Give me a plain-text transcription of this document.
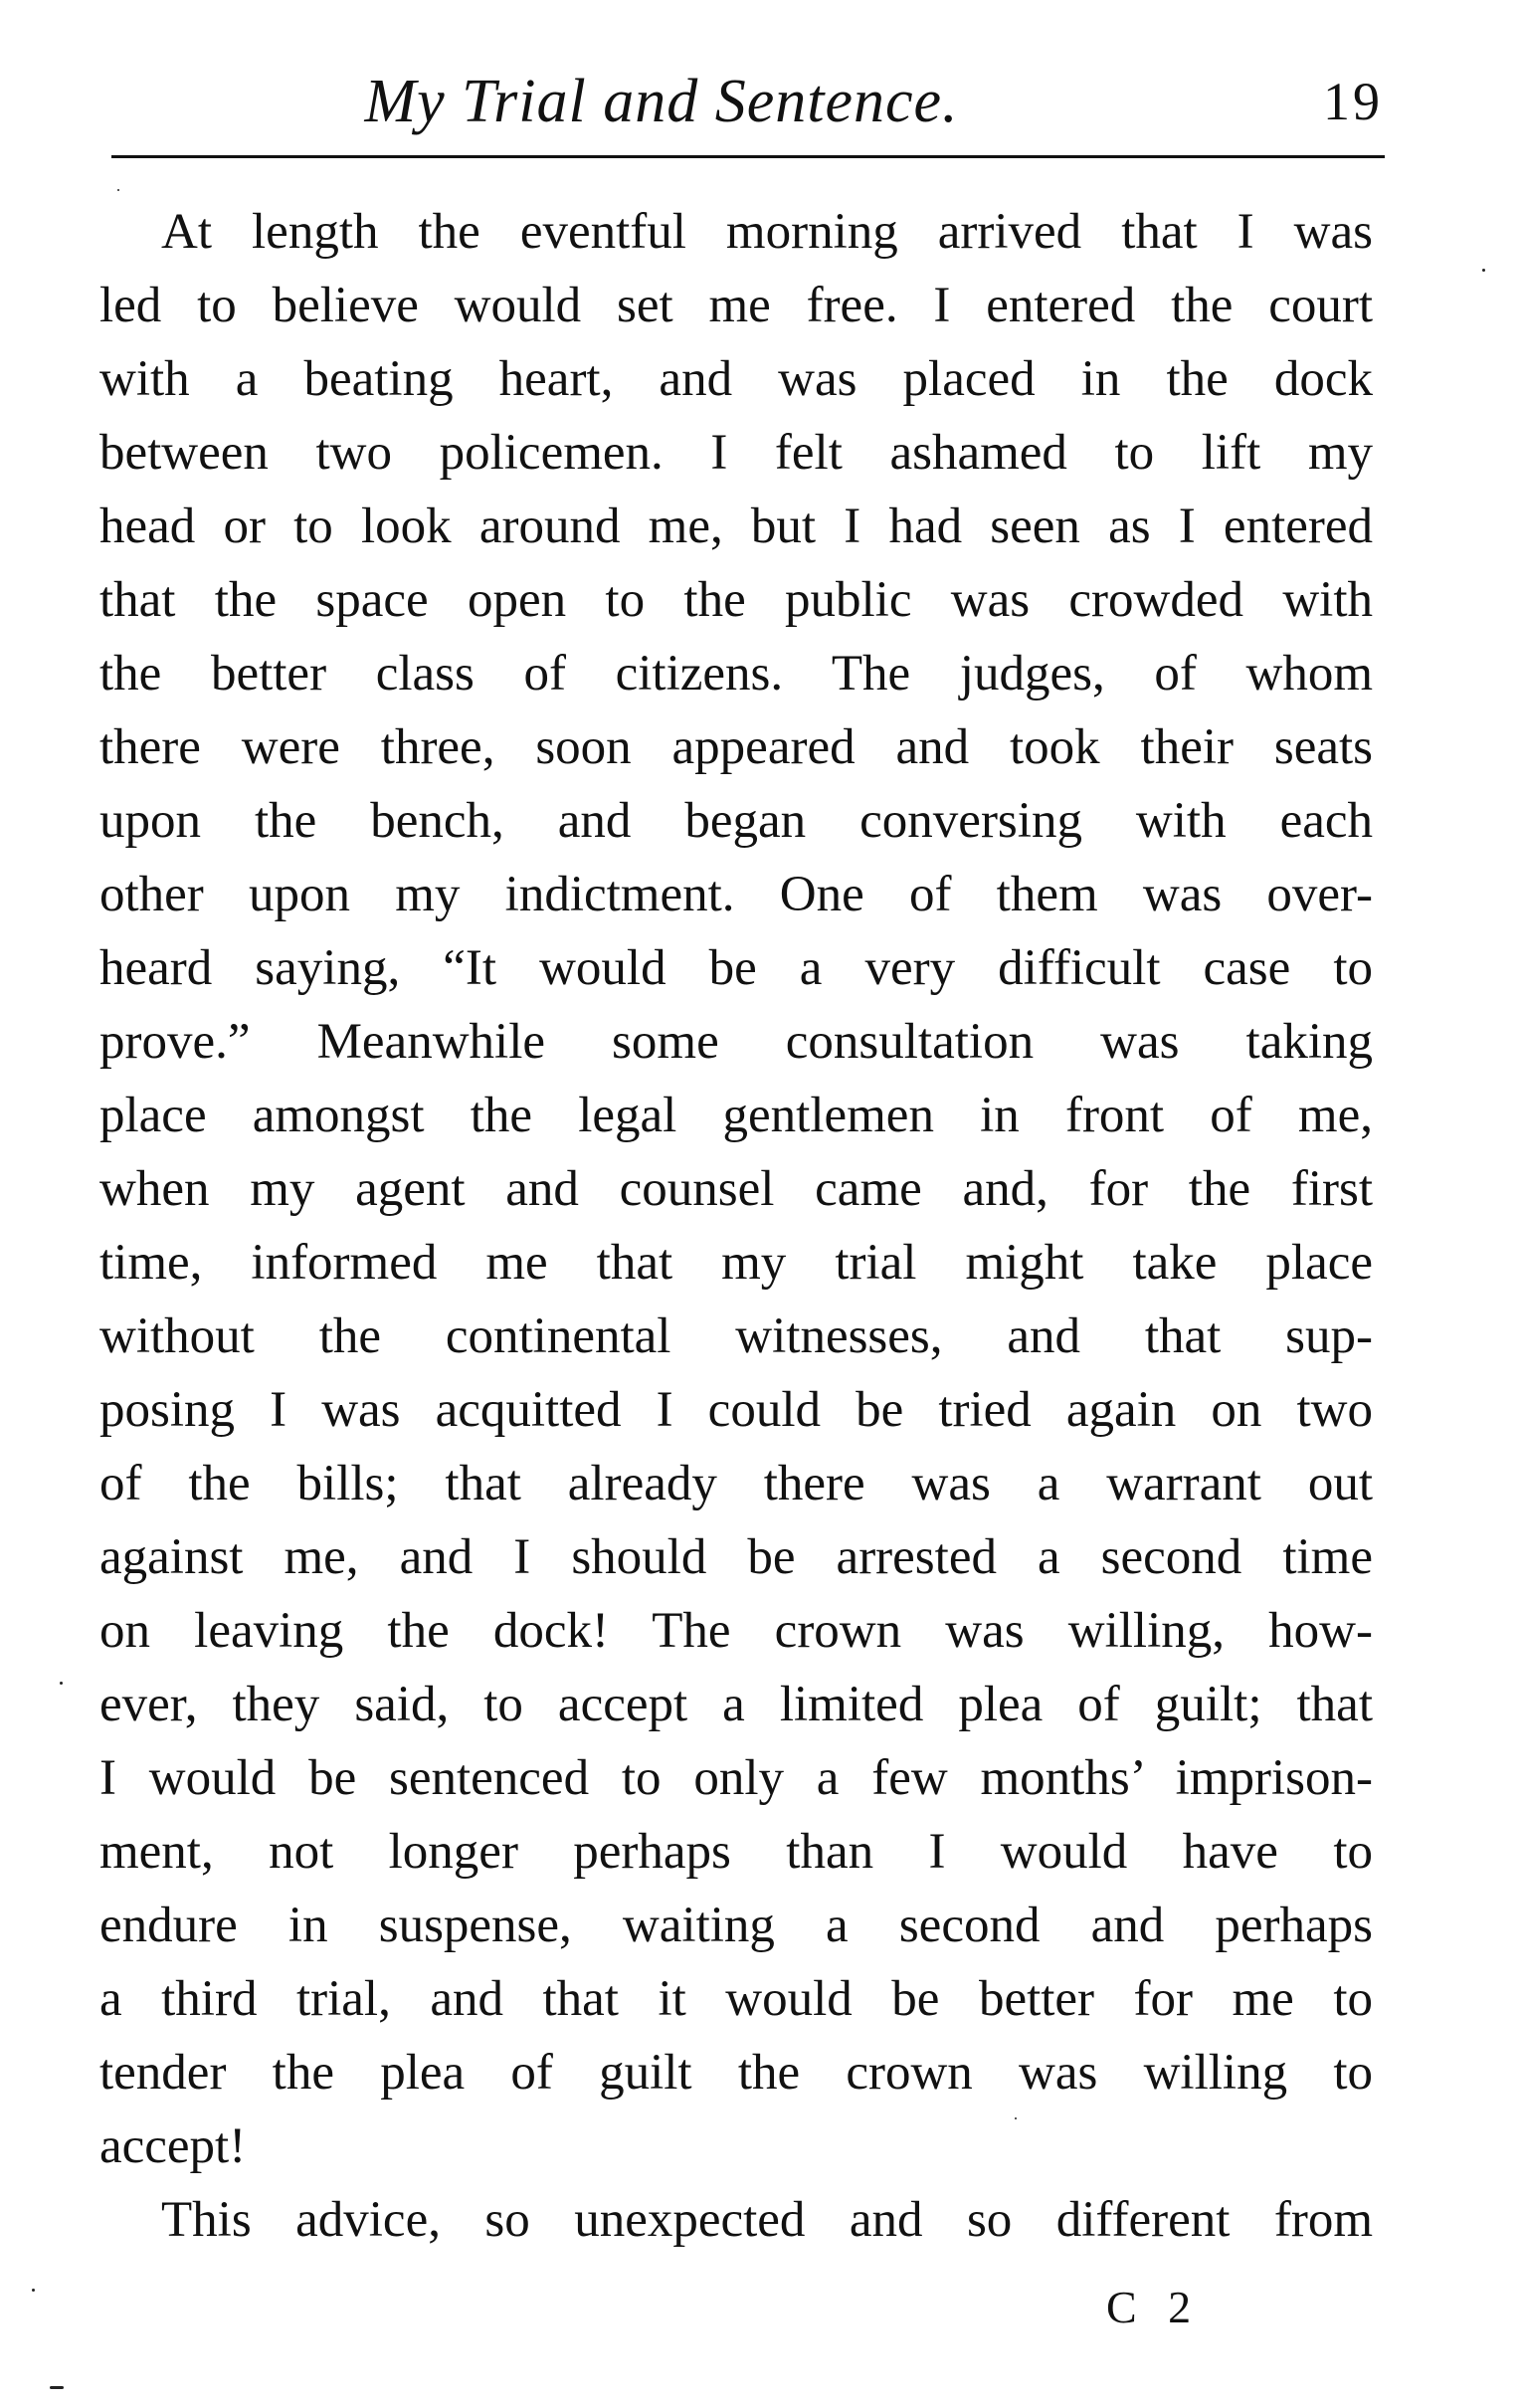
My Trial and Sentence.	19
At length the eventful morning arrived that I was
led to believe would set me free. I entered the court
with a beating heart, and was placed in the dock
between two policemen. I felt ashamed to lift my
head or to look around me, but I had seen as I entered
that the space open to the public was crowded with
the better class of citizens. The judges, of whom
there were three, soon appeared and took their seats
upon the bench, and began conversing with each
other upon my indictment. One of them was over-
heard saying, “It would be a very difficult case to
prove.” Meanwhile some consultation was taking
place amongst the legal gentlemen in front of me,
when my agent and counsel came and, for the first
time, informed me that my trial might take place
without the continental witnesses, and that sup-
posing I was acquitted I could be tried again on two
of the bills; that already there was a warrant out
against me, and I should be arrested a second time
on leaving the dock! The crown was willing, how-
ever, they said, to accept a limited plea of guilt; that
I would be sentenced to only a few months’ imprison-
ment, not longer perhaps than I would have to
endure in suspense, waiting a second and perhaps
a third trial, and that it would be better for me to
tender the plea of guilt the crown was willing to
accept!
This advice, so unexpected and so different from
C 2
